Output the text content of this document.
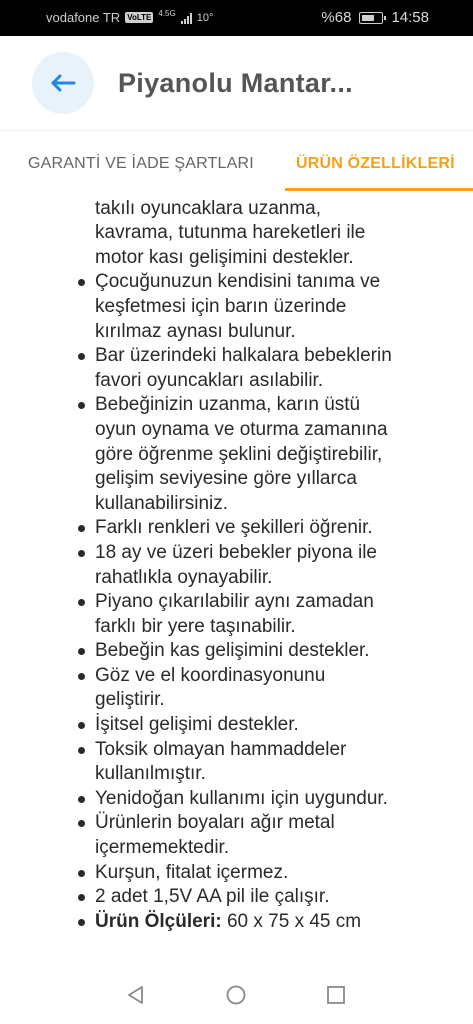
vodafone TR VoLTE 4.5G 10°	%68	14:58
Piyanolu Mantar...
GARANTİ VE İADE ŞARTLARI	ÜRÜN ÖZELLİKLERİ

takılı oyuncaklara uzanma,
kavrama, tutunma hareketleri ile
motor kası gelişimini destekler.
Çocuğunuzun kendisini tanıma ve
keşfetmesi için barın üzerinde
kırılmaz aynası bulunur.
Bar üzerindeki halkalara bebeklerin
favori oyuncakları asılabilir.
Bebeğinizin uzanma, karın üstü
oyun oynama ve oturma zamanına
göre öğrenme şeklini değiştirebilir,
gelişim seviyesine göre yıllarca
kullanabilirsiniz.
Farklı renkleri ve şekilleri öğrenir.
18 ay ve üzeri bebekler piyona ile
rahatlıkla oynayabilir.
Piyano çıkarılabilir aynı zamadan
farklı bir yere taşınabilir.
Bebeğin kas gelişimini destekler.
Göz ve el koordinasyonunu
geliştirir.
İşitsel gelişimi destekler.
Toksik olmayan hammaddeler
kullanılmıştır.
Yenidoğan kullanımı için uygundur.
Ürünlerin boyaları ağır metal
içermemektedir.
Kurşun, fitalat içermez.
2 adet 1,5V AA pil ile çalışır.
Ürün Ölçüleri: 60 x 75 x 45 cm
